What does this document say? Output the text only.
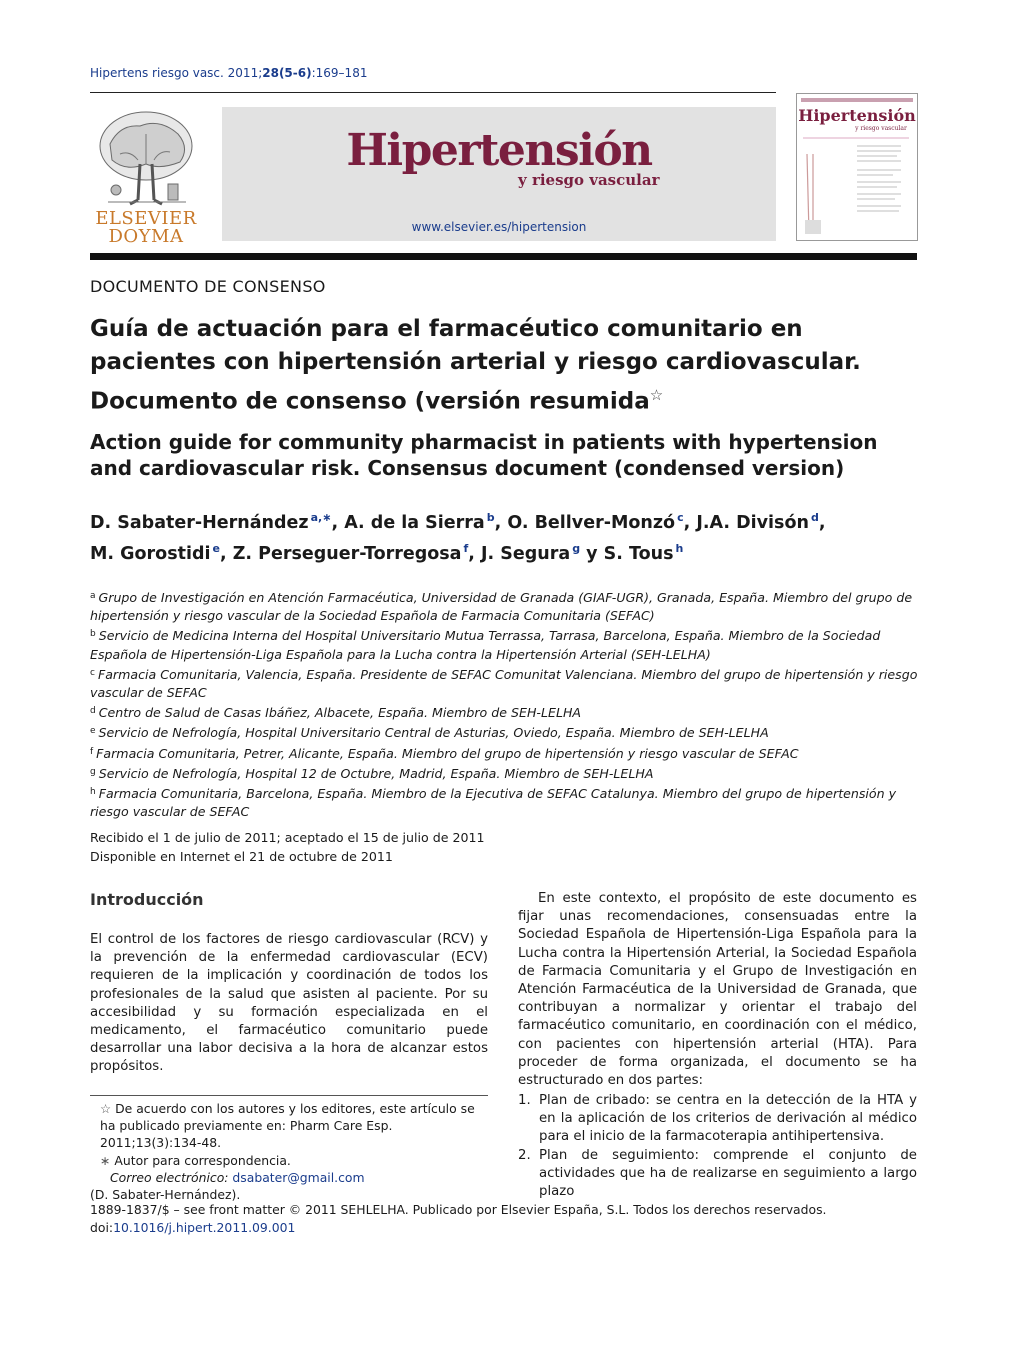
Hipertens riesgo vasc. 2011;28(5-6):169–181
ELSEVIER
DOYMA
Hipertensión
y riesgo vascular
www.elsevier.es/hipertension
Hipertensión
y riesgo vascular
DOCUMENTO DE CONSENSO
Guía de actuación para el farmacéutico comunitario en pacientes con hipertensión arterial y riesgo cardiovascular. Documento de consenso (versión resumida☆
Action guide for community pharmacist in patients with hypertension and cardiovascular risk. Consensus document (condensed version)
D. Sabater-Hernández $^{a,∗}$, A. de la Sierra $^b$, O. Bellver-Monzó $^c$, J.A. Divisón $^d$,
M. Gorostidi $^e$, Z. Perseguer-Torregosa $^f$, J. Segura $^g$ y S. Tous $^h$
$^a$ Grupo de Investigación en Atención Farmacéutica, Universidad de Granada (GIAF-UGR), Granada, España. Miembro del grupo de hipertensión y riesgo vascular de la Sociedad Española de Farmacia Comunitaria (SEFAC)
$^b$ Servicio de Medicina Interna del Hospital Universitario Mutua Terrassa, Tarrasa, Barcelona, España. Miembro de la Sociedad Española de Hipertensión-Liga Española para la Lucha contra la Hipertensión Arterial (SEH-LELHA)
$^c$ Farmacia Comunitaria, Valencia, España. Presidente de SEFAC Comunitat Valenciana. Miembro del grupo de hipertensión y riesgo vascular de SEFAC
$^d$ Centro de Salud de Casas Ibáñez, Albacete, España. Miembro de SEH-LELHA
$^e$ Servicio de Nefrología, Hospital Universitario Central de Asturias, Oviedo, España. Miembro de SEH-LELHA
$^f$ Farmacia Comunitaria, Petrer, Alicante, España. Miembro del grupo de hipertensión y riesgo vascular de SEFAC
$^g$ Servicio de Nefrología, Hospital 12 de Octubre, Madrid, España. Miembro de SEH-LELHA
$^h$ Farmacia Comunitaria, Barcelona, España. Miembro de la Ejecutiva de SEFAC Catalunya. Miembro del grupo de hipertensión y riesgo vascular de SEFAC
Recibido el 1 de julio de 2011; aceptado el 15 de julio de 2011
Disponible en Internet el 21 de octubre de 2011
Introducción
El control de los factores de riesgo cardiovascular (RCV) y la prevención de la enfermedad cardiovascular (ECV) requieren de la implicación y coordinación de todos los profesionales de la salud que asisten al paciente. Por su accesibilidad y su formación especializada en el medicamento, el farmacéutico comunitario puede desarrollar una labor decisiva a la hora de alcanzar estos propósitos.
☆ De acuerdo con los autores y los editores, este artículo se ha publicado previamente en: Pharm Care Esp. 2011;13(3):134-48.
∗ Autor para correspondencia.
Correo electrónico: dsabater@gmail.com
(D. Sabater-Hernández).
En este contexto, el propósito de este documento es fijar unas recomendaciones, consensuadas entre la Sociedad Española de Hipertensión-Liga Española para la Lucha contra la Hipertensión Arterial, la Sociedad Española de Farmacia Comunitaria y el Grupo de Investigación en Atención Farmacéutica de la Universidad de Granada, que contribuyan a normalizar y orientar el trabajo del farmacéutico comunitario, en coordinación con el médico, con pacientes con hipertensión arterial (HTA). Para proceder de forma organizada, el documento se ha estructurado en dos partes:
1. Plan de cribado: se centra en la detección de la HTA y en la aplicación de los criterios de derivación al médico para el inicio de la farmacoterapia antihipertensiva.
2. Plan de seguimiento: comprende el conjunto de actividades que ha de realizarse en seguimiento a largo plazo
1889-1837/$ – see front matter © 2011 SEHLELHA. Publicado por Elsevier España, S.L. Todos los derechos reservados.
doi:10.1016/j.hipert.2011.09.001
